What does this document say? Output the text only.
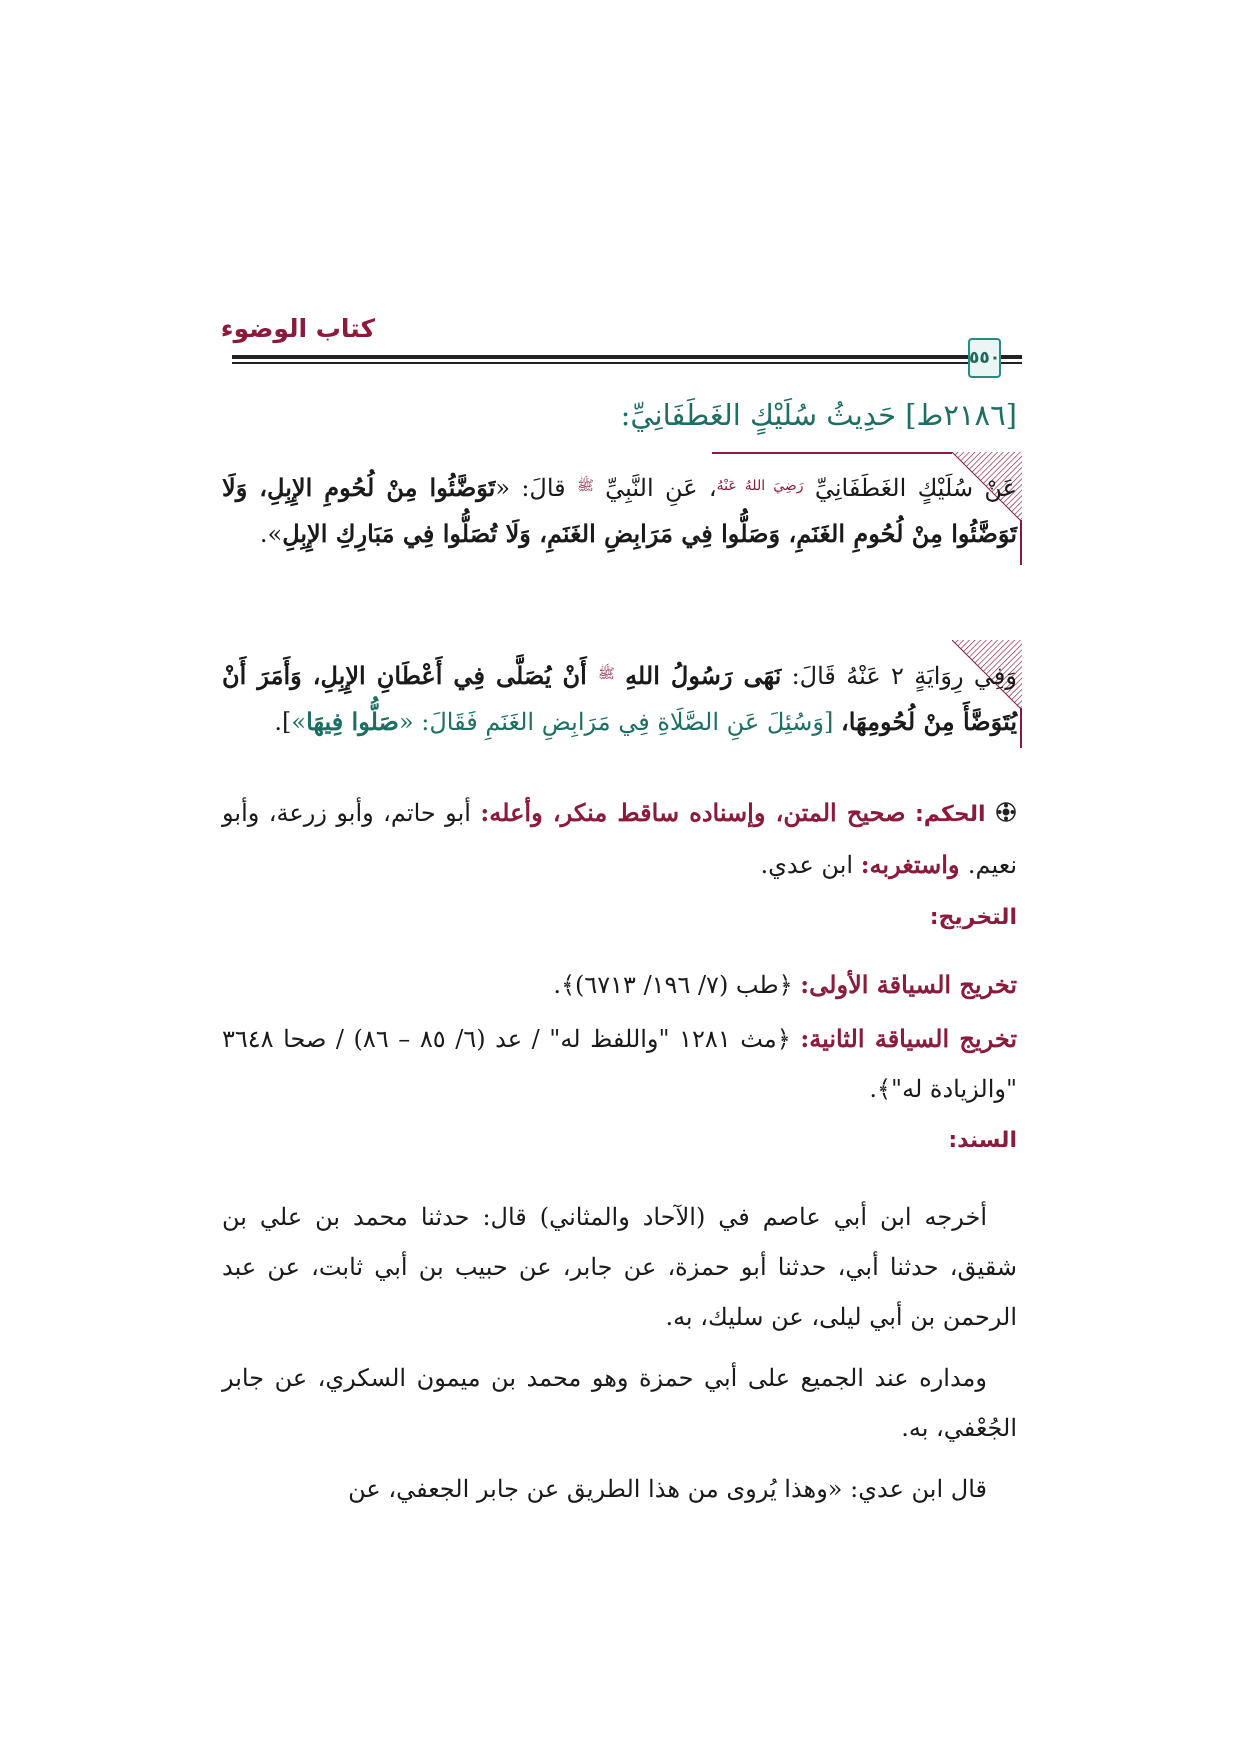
كتاب الوضوء
٥٥٠
[٢١٨٦ط] حَدِيثُ سُلَيْكٍ الغَطَفَانِيِّ:
عَنْ سُلَيْكٍ الغَطَفَانِيِّ $^{رَضِيَ اللهُ عَنْهُ}$، عَنِ النَّبِيِّ $^ﷺ$ قالَ: «تَوَضَّئُوا مِنْ لُحُومِ الإِبِلِ، وَلَا تَوَضَّئُوا مِنْ لُحُومِ الغَنَمِ، وَصَلُّوا فِي مَرَابِضِ الغَنَمِ، وَلَا تُصَلُّوا فِي مَبَارِكِ الإِبِلِ».
وَفِي رِوَايَةٍ ٢ عَنْهُ قَالَ: نَهَى رَسُولُ اللهِ $^ﷺ$ أَنْ يُصَلَّى فِي أَعْطَانِ الإِبِلِ، وَأَمَرَ أَنْ يُتَوَضَّأَ مِنْ لُحُومِهَا، [وَسُئِلَ عَنِ الصَّلَاةِ فِي مَرَابِضِ الغَنَمِ فَقَالَ: «صَلُّوا فِيهَا»].
الحكم: صحيح المتن، وإسناده ساقط منكر، وأعله: أبو حاتم، وأبو زرعة، وأبو نعيم. واستغربه: ابن عدي.
التخريج:
تخريج السياقة الأولى: ﴿طب (٧/ ١٩٦/ ٦٧١٣)﴾.
تخريج السياقة الثانية: ﴿مث ١٢٨١ "واللفظ له" / عد (٦/ ٨٥ – ٨٦) / صحا ٣٦٤٨ "والزيادة له"﴾.
السند:
أخرجه ابن أبي عاصم في (الآحاد والمثاني) قال: حدثنا محمد بن علي بن شقيق، حدثنا أبي، حدثنا أبو حمزة، عن جابر، عن حبيب بن أبي ثابت، عن عبد الرحمن بن أبي ليلى، عن سليك، به.
ومداره عند الجميع على أبي حمزة وهو محمد بن ميمون السكري، عن جابر الجُعْفي، به.
قال ابن عدي: «وهذا يُروى من هذا الطريق عن جابر الجعفي، عن
